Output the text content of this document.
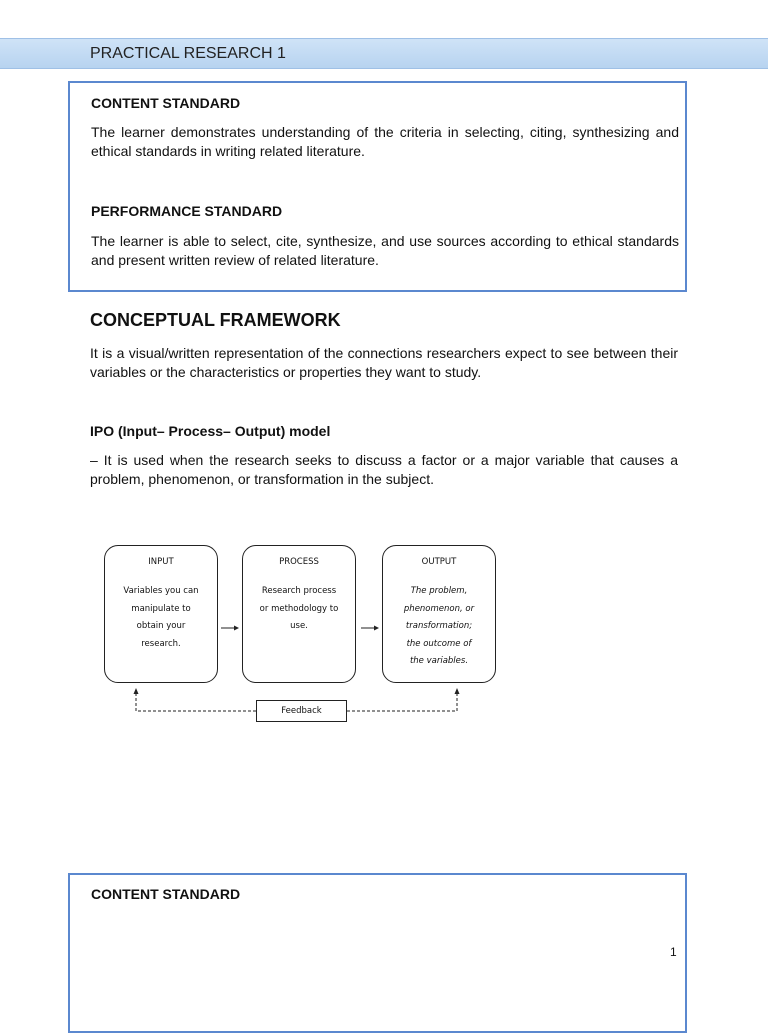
PRACTICAL RESEARCH 1
CONTENT STANDARD
The learner demonstrates understanding of the criteria in selecting, citing, synthesizing and ethical standards in writing related literature.
PERFORMANCE STANDARD
The learner is able to select, cite, synthesize, and use sources according to ethical standards and present written review of related literature.
CONCEPTUAL FRAMEWORK
It is a visual/written representation of the connections researchers expect to see between their variables or the characteristics or properties they want to study.
IPO (Input– Process– Output) model
– It is used when the research seeks to discuss a factor or a major variable that causes a problem, phenomenon, or transformation in the subject.
INPUT
Variables you can
manipulate to
obtain your
research.
PROCESS
Research process
or methodology to
use.
OUTPUT
The problem,
phenomenon, or
transformation;
the outcome of
the variables.
Feedback
CONTENT STANDARD
1
